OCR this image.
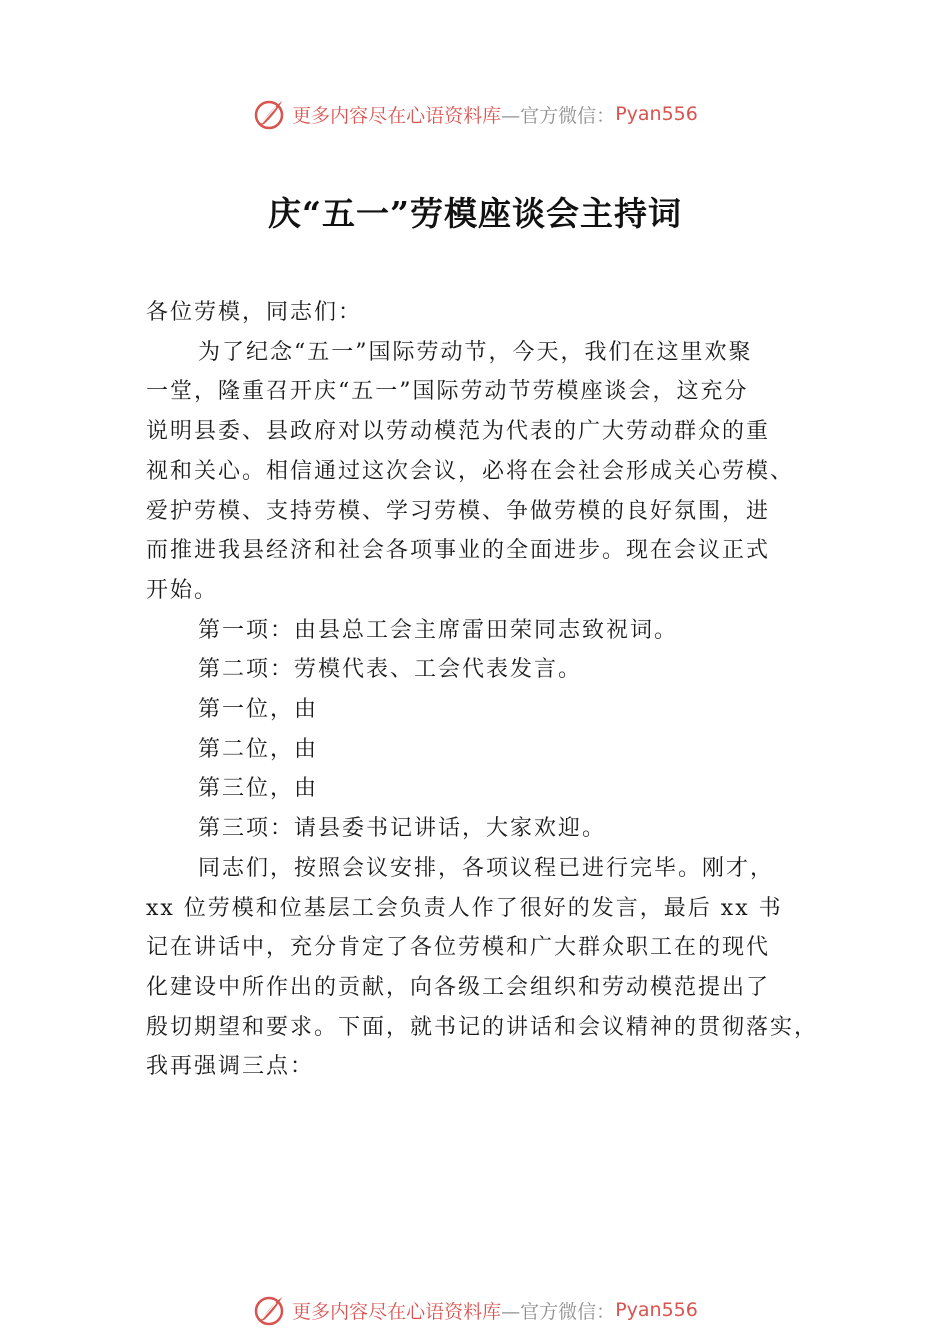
更多内容尽在心语资料库 —官方微信： Pyan556
庆“五一”劳模座谈会主持词
各位劳模，同志们：
为了纪念“五一”国际劳动节，今天，我们在这里欢聚
一堂，隆重召开庆“五一”国际劳动节劳模座谈会，这充分
说明县委、县政府对以劳动模范为代表的广大劳动群众的重
视和关心。相信通过这次会议，必将在会社会形成关心劳模、
爱护劳模、支持劳模、学习劳模、争做劳模的良好氛围，进
而推进我县经济和社会各项事业的全面进步。现在会议正式
开始。
第一项：由县总工会主席雷田荣同志致祝词。
第二项：劳模代表、工会代表发言。
第一位，由
第二位，由
第三位，由
第三项：请县委书记讲话，大家欢迎。
同志们，按照会议安排，各项议程已进行完毕。刚才，
xx 位劳模和位基层工会负责人作了很好的发言，最后 xx 书
记在讲话中，充分肯定了各位劳模和广大群众职工在的现代
化建设中所作出的贡献，向各级工会组织和劳动模范提出了
殷切期望和要求。下面，就书记的讲话和会议精神的贯彻落实，
我再强调三点：
更多内容尽在心语资料库 —官方微信： Pyan556
